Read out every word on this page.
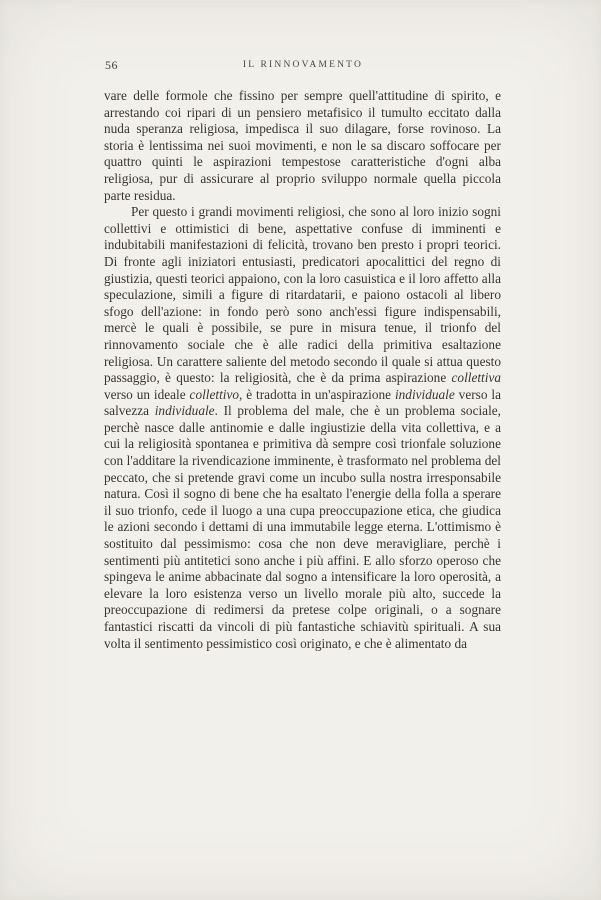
56	IL RINNOVAMENTO

vare delle formole che fissino per sempre quell'attitudine di spirito, e arrestando coi ripari di un pensiero metafisico il tumulto eccitato dalla nuda speranza religiosa, impedisca il suo dilagare, forse rovinoso. La storia è lentissima nei suoi movimenti, e non le sa discaro soffocare per quattro quinti le aspirazioni tempestose caratteristiche d'ogni alba religiosa, pur di assicurare al proprio sviluppo normale quella piccola parte residua.

Per questo i grandi movimenti religiosi, che sono al loro inizio sogni collettivi e ottimistici di bene, aspettative confuse di imminenti e indubitabili manifestazioni di felicità, trovano ben presto i propri teorici. Di fronte agli iniziatori entusiasti, predicatori apocalittici del regno di giustizia, questi teorici appaiono, con la loro casuistica e il loro affetto alla speculazione, simili a figure di ritardatarii, e paiono ostacoli al libero sfogo dell'azione: in fondo però sono anch'essi figure indispensabili, mercè le quali è possibile, se pure in misura tenue, il trionfo del rinnovamento sociale che è alle radici della primitiva esaltazione religiosa. Un carattere saliente del metodo secondo il quale si attua questo passaggio, è questo: la religiosità, che è da prima aspirazione collettiva verso un ideale collettivo, è tradotta in un'aspirazione individuale verso la salvezza individuale. Il problema del male, che è un problema sociale, perchè nasce dalle antinomie e dalle ingiustizie della vita collettiva, e a cui la religiosità spontanea e primitiva dà sempre così trionfale soluzione con l'additare la rivendicazione imminente, è trasformato nel problema del peccato, che si pretende gravi come un incubo sulla nostra irresponsabile natura. Così il sogno di bene che ha esaltato l'energie della folla a sperare il suo trionfo, cede il luogo a una cupa preoccupazione etica, che giudica le azioni secondo i dettami di una immutabile legge eterna. L'ottimismo è sostituito dal pessimismo: cosa che non deve meravigliare, perchè i sentimenti più antitetici sono anche i più affini. E allo sforzo operoso che spingeva le anime abbacinate dal sogno a intensificare la loro operosità, a elevare la loro esistenza verso un livello morale più alto, succede la preoccupazione di redimersi da pretese colpe originali, o a sognare fantastici riscatti da vincoli di più fantastiche schiavitù spirituali. A sua volta il sentimento pessimistico così originato, e che è alimentato da
